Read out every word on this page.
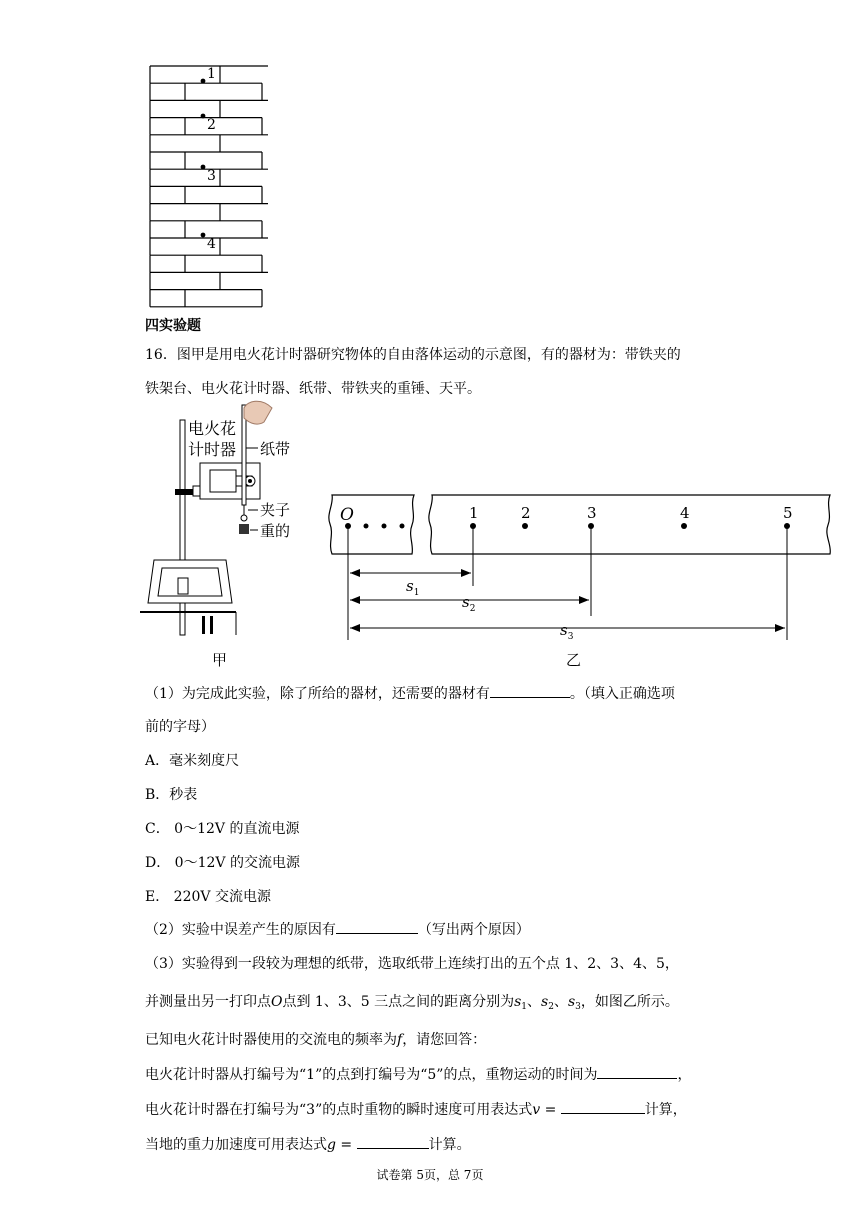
1
2
3
4
四实验题
16．图甲是用电火花计时器研究物体的自由落体运动的示意图，有的器材为：带铁夹的
铁架台、电火花计时器、纸带、带铁夹的重锤、天平。
电火花
计时器 纸带
夹子
重的
甲
O	1	2	3	4	5
$s_1$	$s_2$
$s_3$
乙
（1）为完成此实验，除了所给的器材，还需要的器材有	。（填入正确选项
前的字母）
A．毫米刻度尺
B．秒表
C． 0～12V 的直流电源
D． 0～12V 的交流电源
E． 220V 交流电源
（2）实验中误差产生的原因有	（写出两个原因）
（3）实验得到一段较为理想的纸带，选取纸带上连续打出的五个点 1、2、3、4、5，
并测量出另一打印点O点到 1、3、5 三点之间的距离分别为$s_1$、$s_2$、$s_3$，如图乙所示。
已知电火花计时器使用的交流电的频率为f，请您回答：
电火花计时器从打编号为“1”的点到打编号为“5”的点，重物运动的时间为	，
电火花计时器在打编号为“3”的点时重物的瞬时速度可用表达式v =	计算，
当地的重力加速度可用表达式g =	计算。
试卷第 5页，总 7页
